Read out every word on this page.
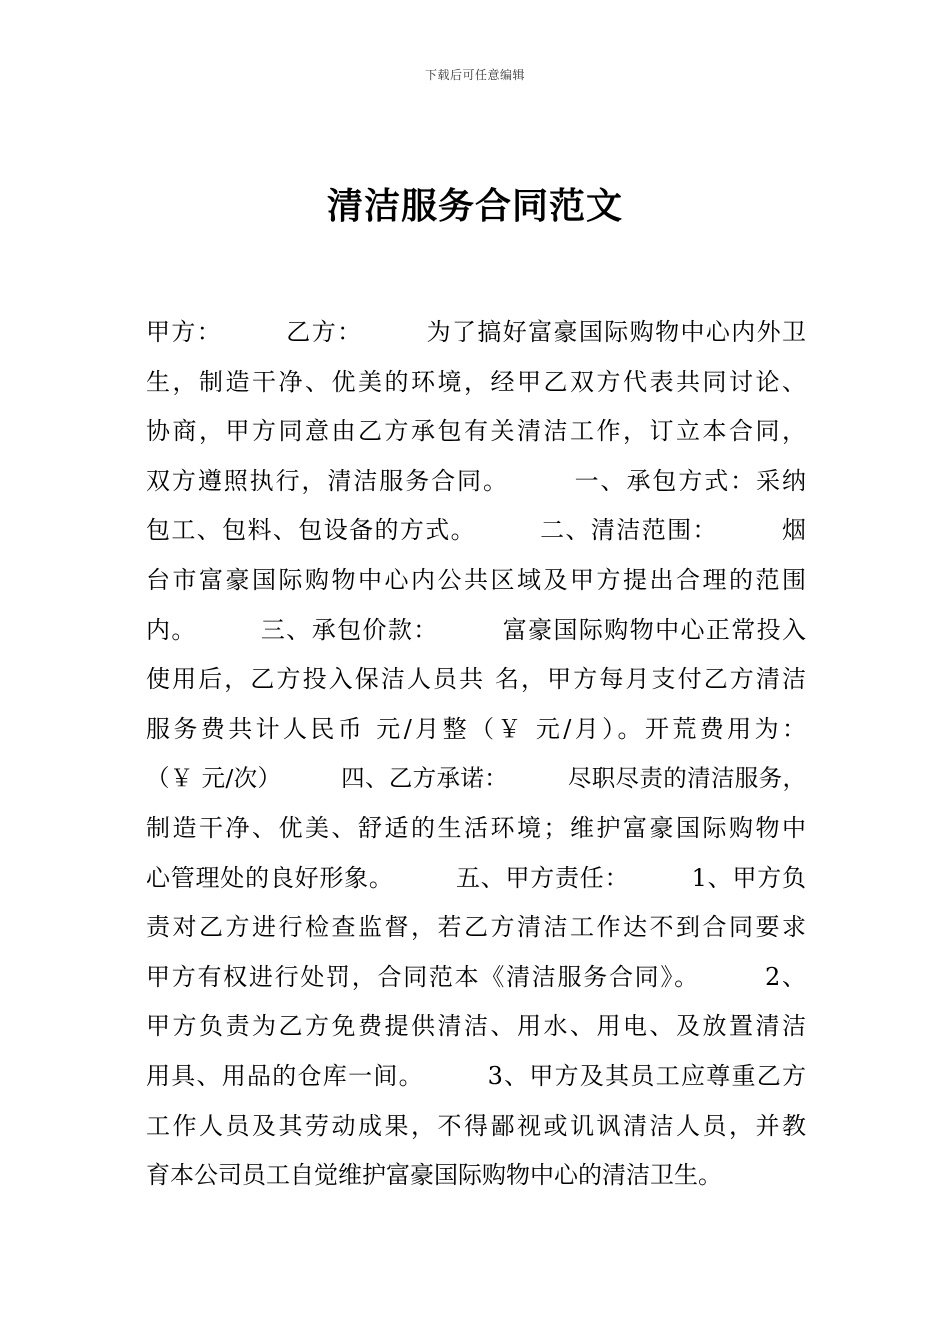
下载后可任意编辑
清洁服务合同范文
甲方：　　　乙方：　　　为了搞好富豪国际购物中心内外卫
生，制造干净、优美的环境，经甲乙双方代表共同讨论、
协商，甲方同意由乙方承包有关清洁工作，订立本合同，
双方遵照执行，清洁服务合同。　　　一、承包方式：采纳
包工、包料、包设备的方式。　　　二、清洁范围：　　　烟
台市富豪国际购物中心内公共区域及甲方提出合理的范围
内。　　　三、承包价款：　　　富豪国际购物中心正常投入
使用后，乙方投入保洁人员共 名，甲方每月支付乙方清洁
服务费共计人民币 元/月整（￥ 元/月）。开荒费用为：
（￥ 元/次）　　　四、乙方承诺：　　　尽职尽责的清洁服务，
制造干净、优美、舒适的生活环境；维护富豪国际购物中
心管理处的良好形象。　　　五、甲方责任：　　　1、甲方负
责对乙方进行检查监督，若乙方清洁工作达不到合同要求
甲方有权进行处罚，合同范本《清洁服务合同》。　　　2、
甲方负责为乙方免费提供清洁、用水、用电、及放置清洁
用具、用品的仓库一间。　　　3、甲方及其员工应尊重乙方
工作人员及其劳动成果，不得鄙视或讥讽清洁人员，并教
育本公司员工自觉维护富豪国际购物中心的清洁卫生。
